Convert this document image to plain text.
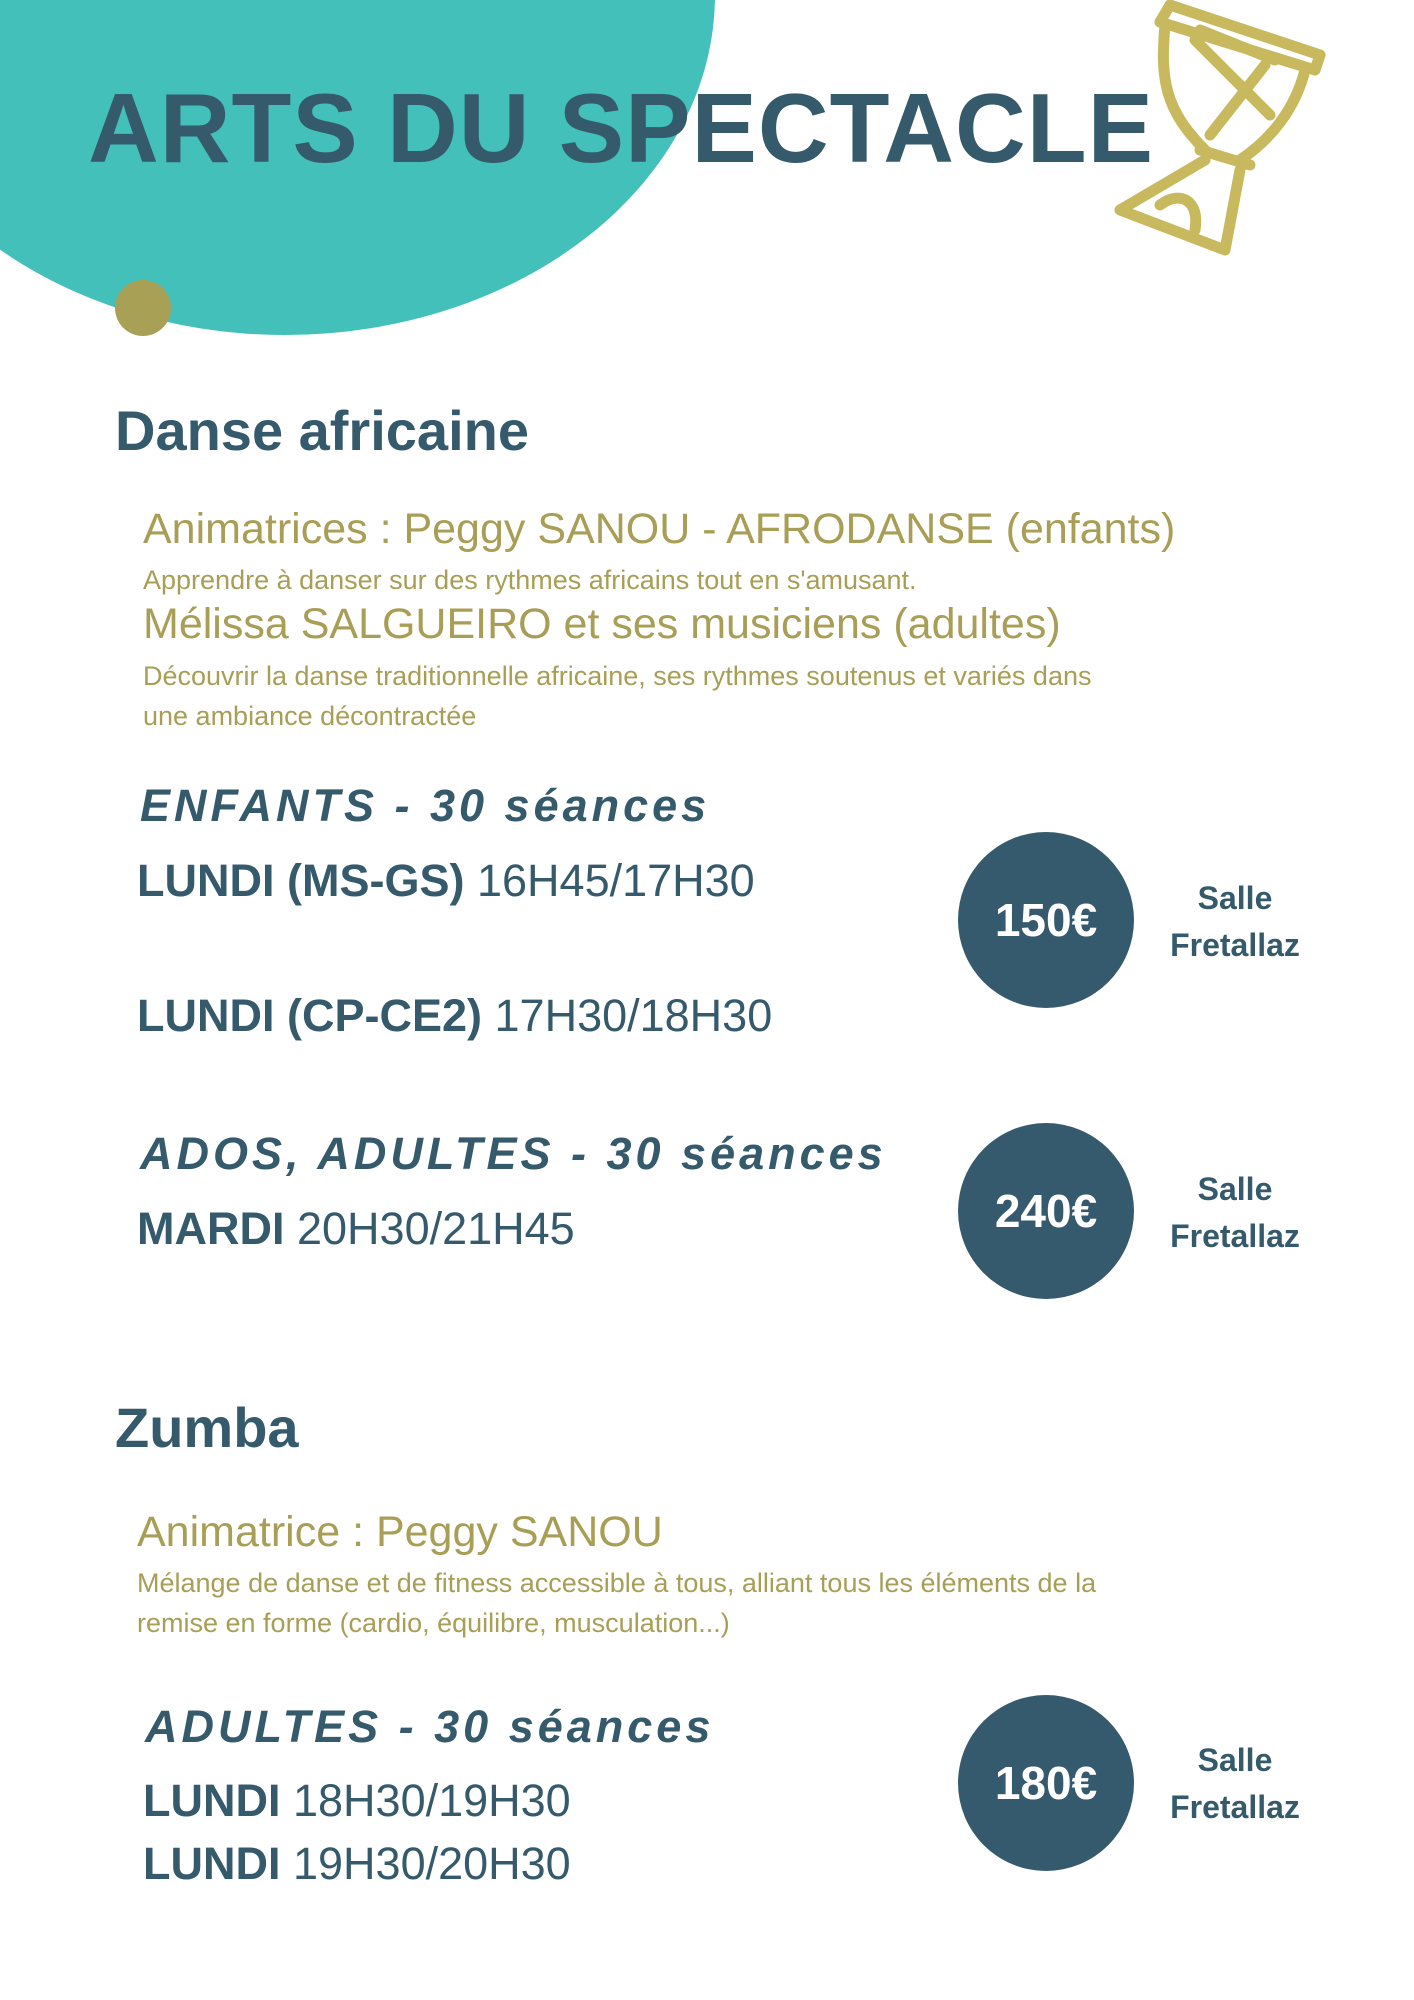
ARTS DU SPECTACLE
Danse africaine
Animatrices : Peggy SANOU - AFRODANSE (enfants)
Apprendre à danser sur des rythmes africains tout en s'amusant.
Mélissa SALGUEIRO et ses musiciens (adultes)
Découvrir la danse traditionnelle africaine, ses rythmes soutenus et variés dans
une ambiance décontractée
ENFANTS - 30 séances
LUNDI (MS-GS) 16H45/17H30
LUNDI (CP-CE2) 17H30/18H30
150€	Salle
Fretallaz
ADOS, ADULTES - 30 séances
MARDI 20H30/21H45	240€	Salle
Fretallaz
Zumba
Animatrice : Peggy SANOU
Mélange de danse et de fitness accessible à tous, alliant tous les éléments de la
remise en forme (cardio, équilibre, musculation...)
ADULTES - 30 séances
LUNDI 18H30/19H30
LUNDI 19H30/20H30
180€	Salle
Fretallaz
